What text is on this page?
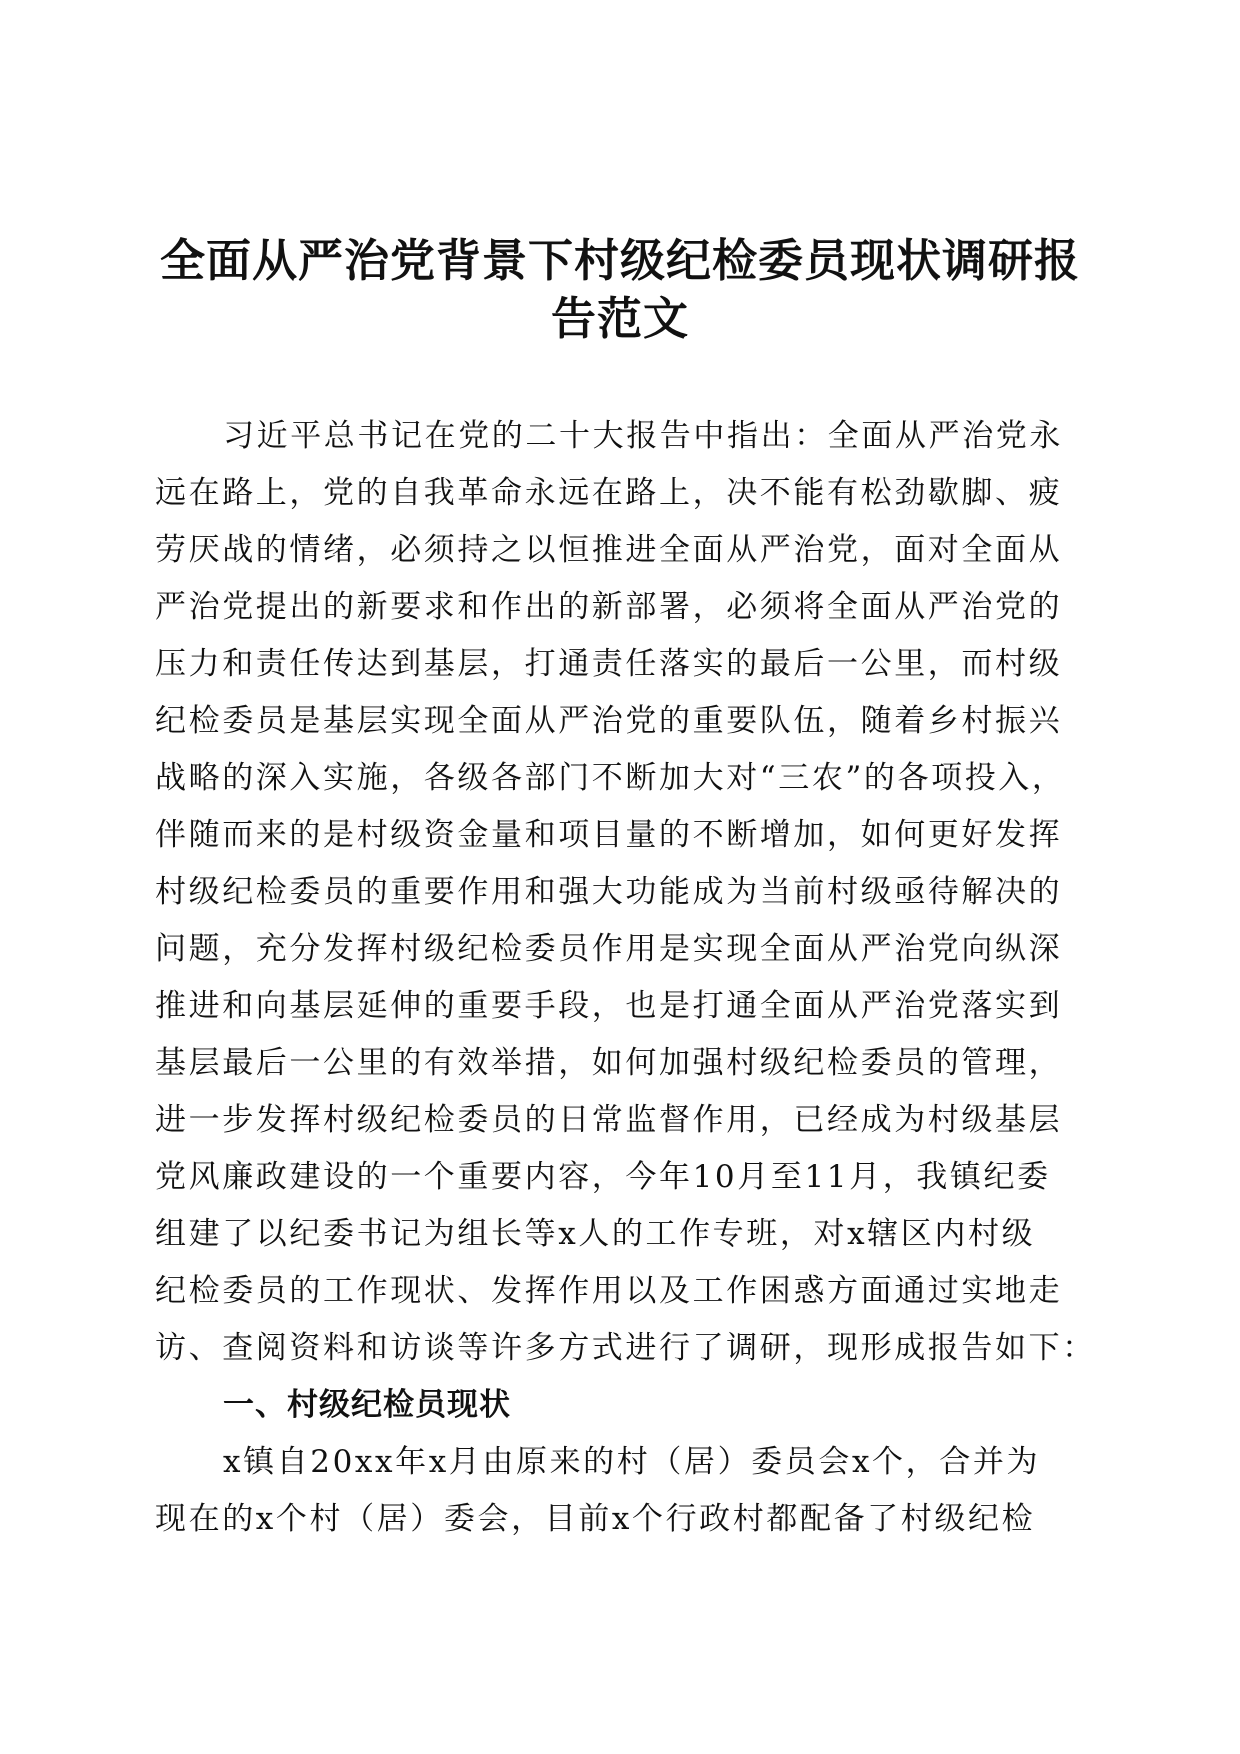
全面从严治党背景下村级纪检委员现状调研报
告范文
习近平总书记在党的二十大报告中指出：全面从严治党永
远在路上，党的自我革命永远在路上，决不能有松劲歇脚、疲
劳厌战的情绪，必须持之以恒推进全面从严治党，面对全面从
严治党提出的新要求和作出的新部署，必须将全面从严治党的
压力和责任传达到基层，打通责任落实的最后一公里，而村级
纪检委员是基层实现全面从严治党的重要队伍，随着乡村振兴
战略的深入实施，各级各部门不断加大对“三农”的各项投入，
伴随而来的是村级资金量和项目量的不断增加，如何更好发挥
村级纪检委员的重要作用和强大功能成为当前村级亟待解决的
问题，充分发挥村级纪检委员作用是实现全面从严治党向纵深
推进和向基层延伸的重要手段，也是打通全面从严治党落实到
基层最后一公里的有效举措，如何加强村级纪检委员的管理，
进一步发挥村级纪检委员的日常监督作用，已经成为村级基层
党风廉政建设的一个重要内容，今年10月至11月，我镇纪委
组建了以纪委书记为组长等x人的工作专班，对x辖区内村级
纪检委员的工作现状、发挥作用以及工作困惑方面通过实地走
访、查阅资料和访谈等许多方式进行了调研，现形成报告如下：
一、村级纪检员现状
x镇自20xx年x月由原来的村（居）委员会x个，合并为
现在的x个村（居）委会，目前x个行政村都配备了村级纪检
